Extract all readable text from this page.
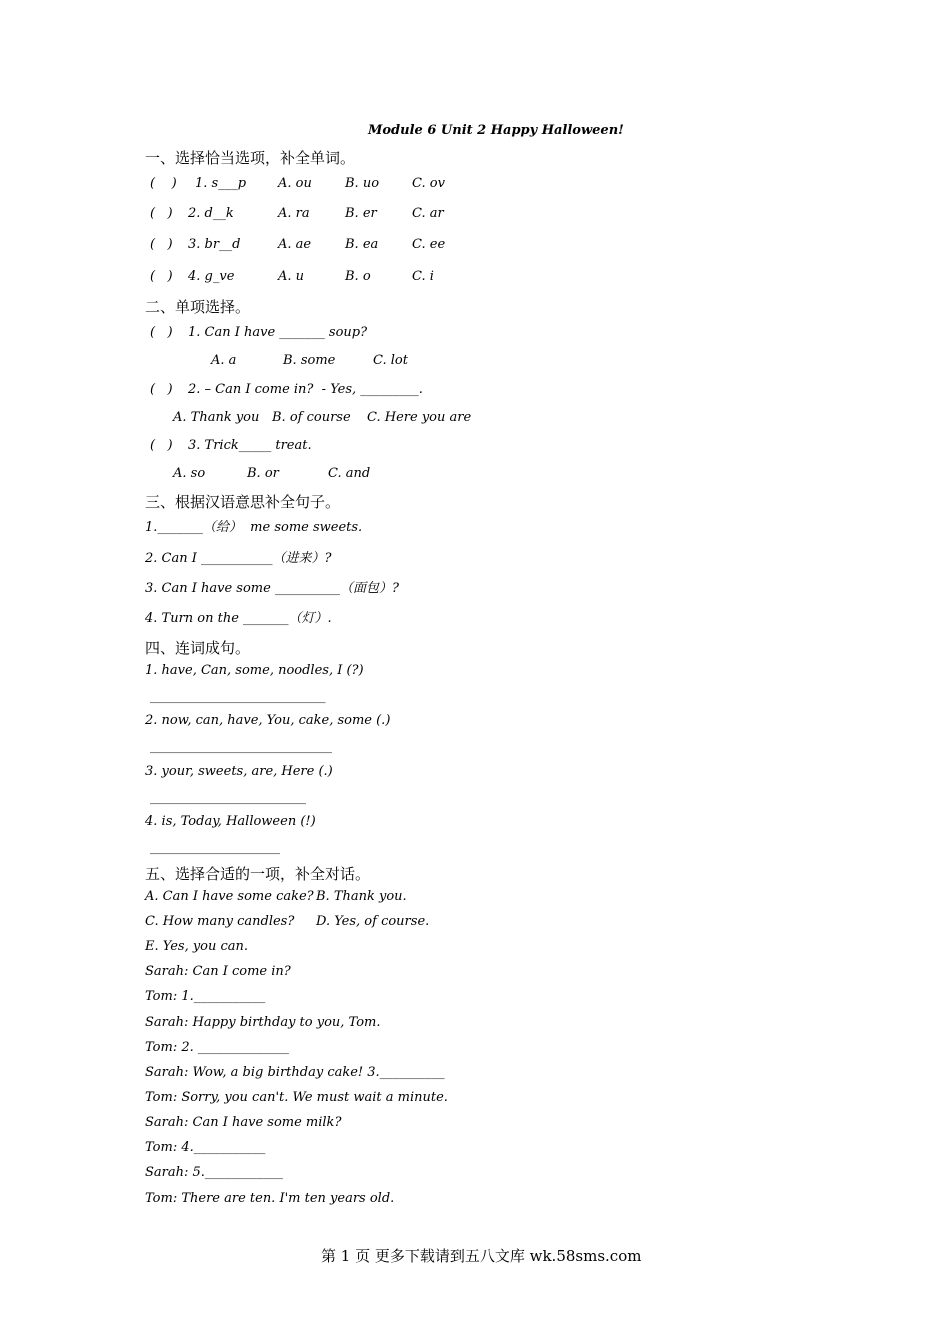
Module 6 Unit 2 Happy Halloween!
一、选择恰当选项，补全单词。
(    ) 1. s___p A. ou	B. uo	C. ov
(   ) 2. d__k	A. ra	B. er	C. ar
(   ) 3. br__d	A. ae	B. ea	C. ee
(   ) 4. g_ve	A. u	B. o	C. i
二、单项选择。
(   ) 1. Can I have _______ soup?
A. a	B. some	C. lot
(   ) 2. – Can I come in?  - Yes, _________.
A. Thank you B. of course C. Here you are
(   ) 3. Trick_____ treat.
A. so	B. or	C. and
三、根据汉语意思补全句子。
1._______（给）  me some sweets.
2. Can I ___________（进来）?
3. Can I have some __________（面包）?
4. Turn on the _______（灯）.
四、连词成句。
1. have, Can, some, noodles, I (?)
___________________________
2. now, can, have, You, cake, some (.)
____________________________
3. your, sweets, are, Here (.)
________________________
4. is, Today, Halloween (!)
____________________
五、选择合适的一项，补全对话。
A. Can I have some cake? B. Thank you.
C. How many candles? D. Yes, of course.
E. Yes, you can.
Sarah: Can I come in?
Tom: 1.___________
Sarah: Happy birthday to you, Tom.
Tom: 2. ______________
Sarah: Wow, a big birthday cake! 3.__________
Tom: Sorry, you can't. We must wait a minute.
Sarah: Can I have some milk?
Tom: 4.___________
Sarah: 5.____________
Tom: There are ten. I'm ten years old.
第 1 页 更多下载请到五八文库 wk.58sms.com
